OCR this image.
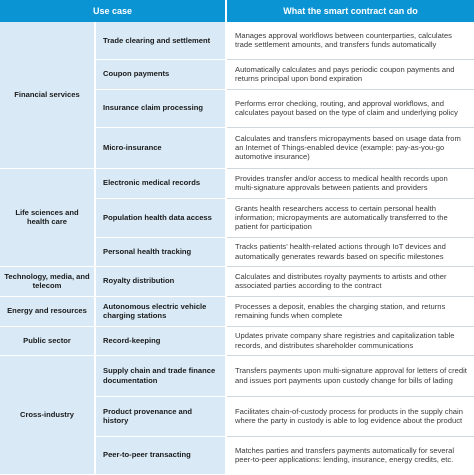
Use case		What the smart contract can do
Financial services	Trade clearing and settlement	Manages approval workflows between counterparties, calculates trade settlement amounts, and transfers funds automatically
	Coupon payments	Automatically calculates and pays periodic coupon payments and returns principal upon bond expiration
	Insurance claim processing	Performs error checking, routing, and approval workflows, and calculates payout based on the type of claim and underlying policy
	Micro-insurance	Calculates and transfers micropayments based on usage data from an Internet of Things-enabled device (example: pay-as-you-go automotive insurance)
Life sciences and health care	Electronic medical records	Provides transfer and/or access to medical health records upon multi-signature approvals between patients and providers
	Population health data access	Grants health researchers access to certain personal health information; micropayments are automatically transferred to the patient for participation
	Personal health tracking	Tracks patients' health-related actions through IoT devices and automatically generates rewards based on specific milestones
Technology, media, and telecom	Royalty distribution	Calculates and distributes royalty payments to artists and other associated parties according to the contract
Energy and resources	Autonomous electric vehicle charging stations	Processes a deposit, enables the charging station, and returns remaining funds when complete
Public sector	Record-keeping	Updates private company share registries and capitalization table records, and distributes shareholder communications
Cross-industry	Supply chain and trade finance documentation	Transfers payments upon multi-signature approval for letters of credit and issues port payments upon custody change for bills of lading
	Product provenance and history	Facilitates chain-of-custody process for products in the supply chain where the party in custody is able to log evidence about the product
	Peer-to-peer transacting	Matches parties and transfers payments automatically for several peer-to-peer applications: lending, insurance, energy credits, etc.
